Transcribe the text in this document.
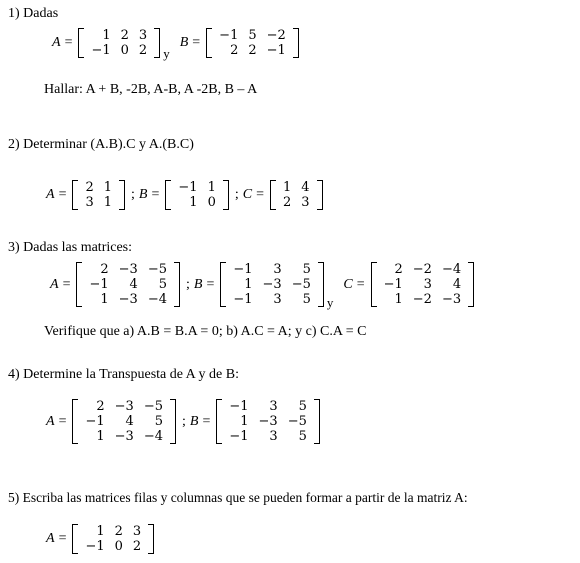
1) Dadas
A = 1	2	3
−1	0	2 y
B = −1	5	−2
2	2	−1
Hallar: A + B, -2B, A-B, A -2B, B – A
2) Determinar (A.B).C y A.(B.C)
A = 2	1
3	1
; B = −1	1
1	0
; C = 1	4
2	3
3) Dadas las matrices:
A =
2	−3	−5
−1	4	5
1	−3	−4
; B =
−1	3	5
1	−3	−5
−1	3	5 y
C =
2	−2	−4
−1	3	4
1	−2	−3
Verifique que a) A.B = B.A = 0; b) A.C = A; y c) C.A = C
4) Determine la Transpuesta de A y de B:
A =
2	−3	−5
−1	4	5
1	−3	−4
; B =
−1	3	5
1	−3	−5
−1	3	5
5) Escriba las matrices filas y columnas que se pueden formar a partir de la matriz A:
A = 1	2	3
−1	0	2
